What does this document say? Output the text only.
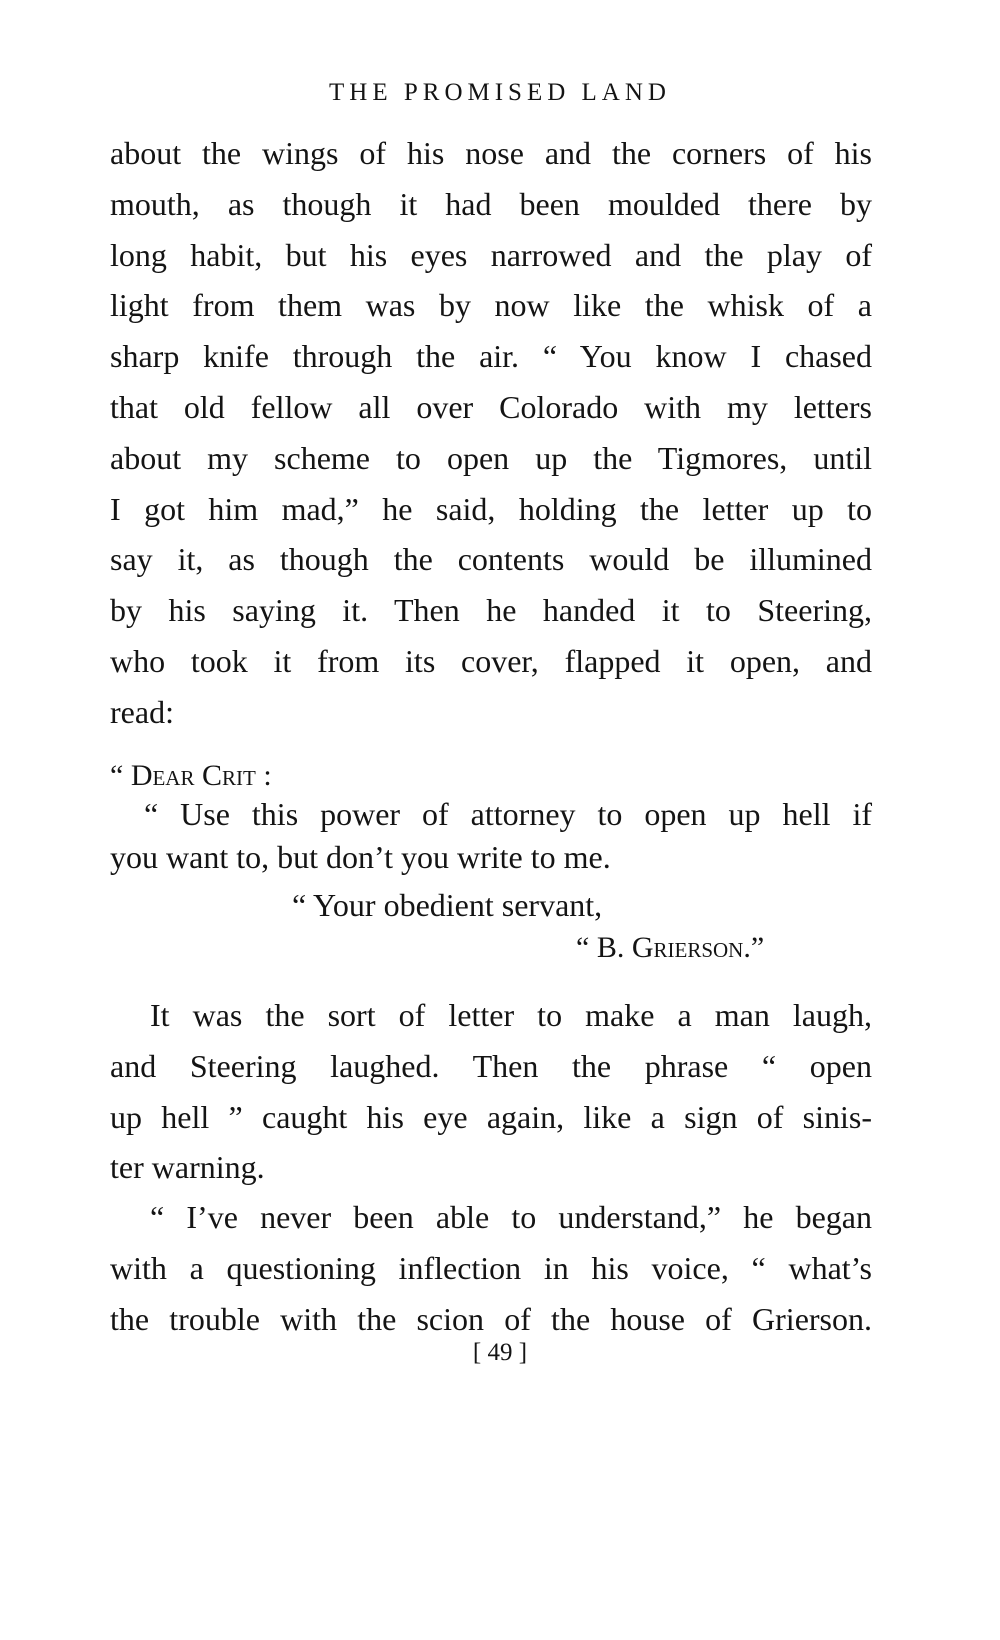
THE PROMISED LAND
about the wings of his nose and the corners of his
mouth, as though it had been moulded there by
long habit, but his eyes narrowed and the play of
light from them was by now like the whisk of a
sharp knife through the air. “ You know I chased
that old fellow all over Colorado with my letters
about my scheme to open up the Tigmores, until
I got him mad,” he said, holding the letter up to
say it, as though the contents would be illumined
by his saying it. Then he handed it to Steering,
who took it from its cover, flapped it open, and
read:
“ Dear Crit :
“ Use this power of attorney to open up hell if
you want to, but don’t you write to me.
“ Your obedient servant,
“ B. Grierson.”
It was the sort of letter to make a man laugh,
and Steering laughed. Then the phrase “ open
up hell ” caught his eye again, like a sign of sinis-
ter warning.
“ I’ve never been able to understand,” he began
with a questioning inflection in his voice, “ what’s
the trouble with the scion of the house of Grierson.
[ 49 ]
